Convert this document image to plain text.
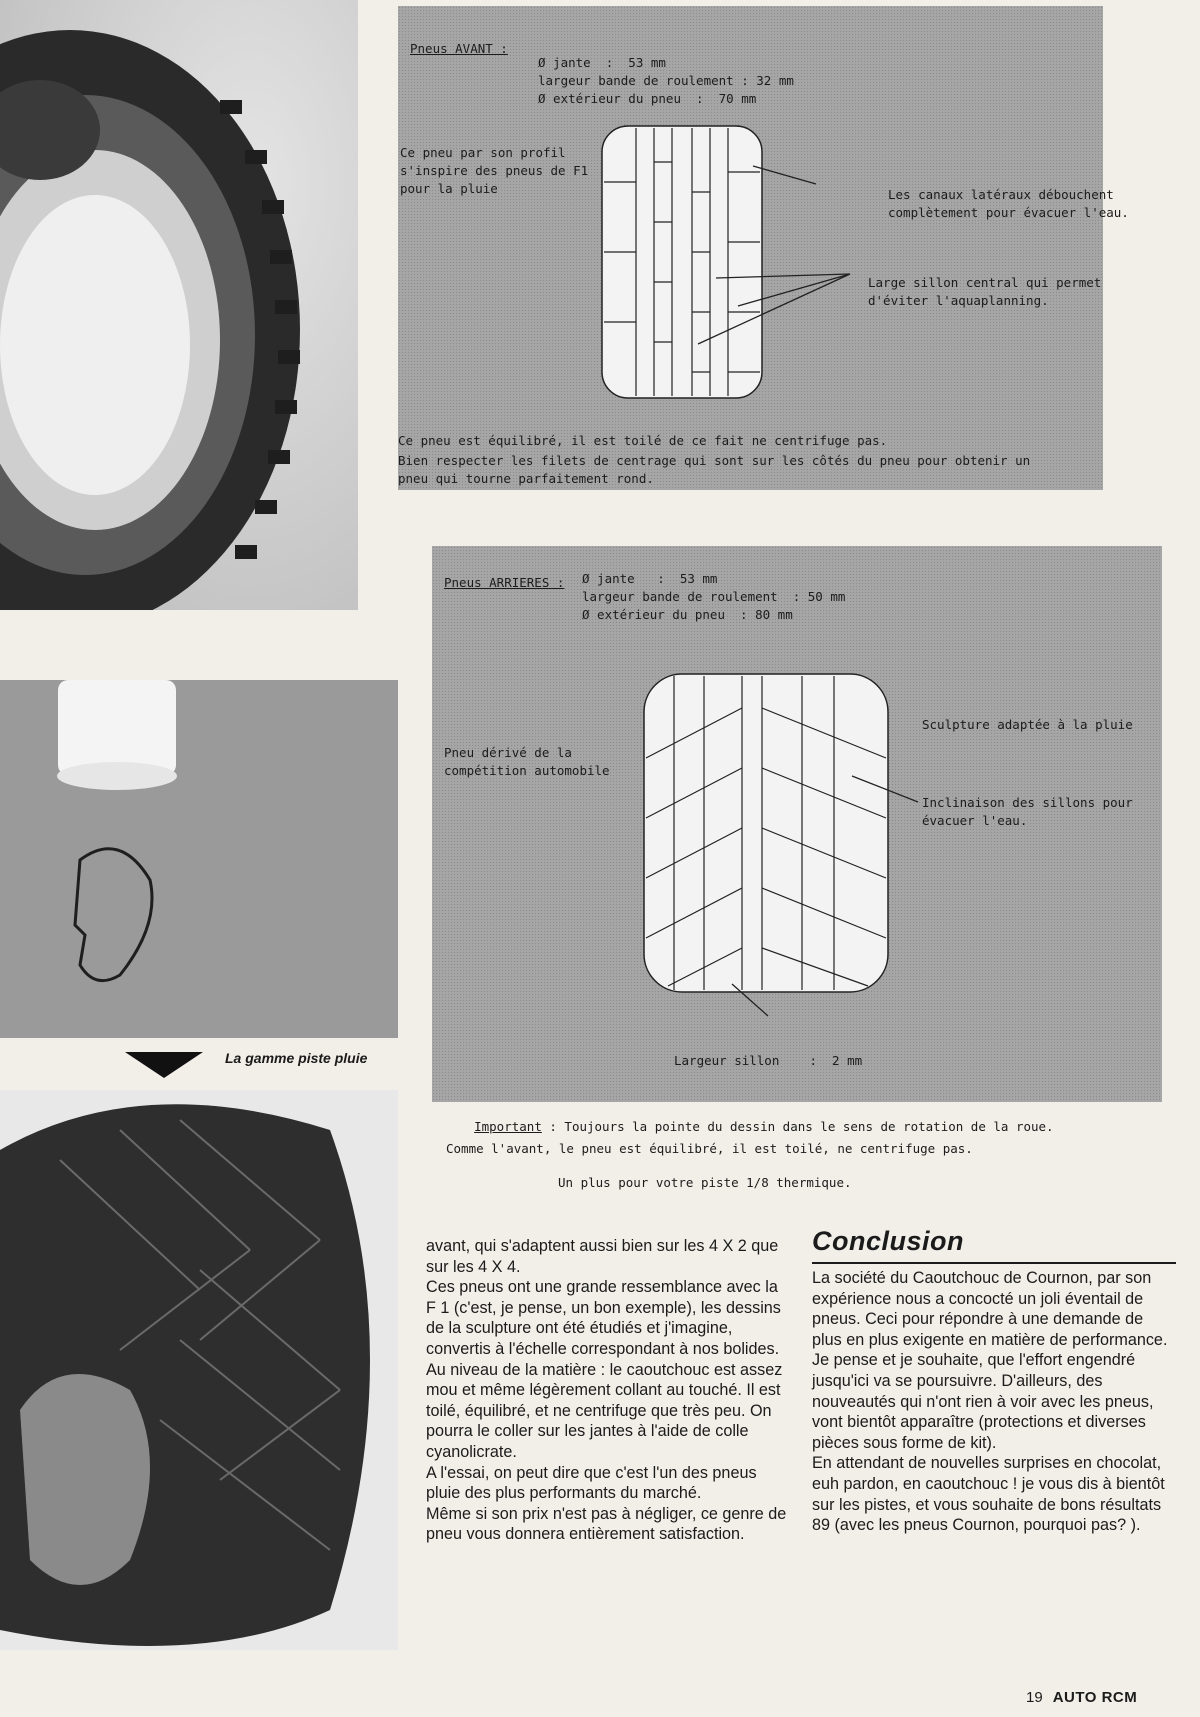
La gamme piste pluie
Pneus AVANT :
Ø jante  :  53 mm
largeur bande de roulement : 32 mm
Ø extérieur du pneu  :  70 mm
Ce pneu par son profil
s'inspire des pneus de F1
pour la pluie	Les canaux latéraux débouchent
complètement pour évacuer l'eau.
Large sillon central qui permet
d'éviter l'aquaplanning.
Ce pneu est équilibré, il est toilé de ce fait ne centrifuge pas.
Bien respecter les filets de centrage qui sont sur les côtés du pneu pour obtenir un
pneu qui tourne parfaitement rond.
Pneus ARRIERES : Ø jante   :  53 mm
largeur bande de roulement  : 50 mm
Ø extérieur du pneu  : 80 mm
Pneu dérivé de la
compétition automobile
Sculpture adaptée à la pluie
Inclinaison des sillons pour
évacuer l'eau.
Largeur sillon    :  2 mm

Important : Toujours la pointe du dessin dans le sens de rotation de la roue.

Comme l'avant, le pneu est équilibré, il est toilé, ne centrifuge pas.
Un plus pour votre piste 1/8 thermique.

avant, qui s'adaptent aussi bien sur les 4 X 2 que sur les 4 X 4.

Ces pneus ont une grande ressemblance avec la F 1 (c'est, je pense, un bon exemple), les dessins de la sculpture ont été étudiés et j'imagine, convertis à l'échelle correspondant à nos bolides.

Au niveau de la matière : le caoutchouc est assez mou et même légèrement collant au touché. Il est toilé, équilibré, et ne centrifuge que très peu. On pourra le coller sur les jantes à l'aide de colle cyanolicrate.

A l'essai, on peut dire que c'est l'un des pneus pluie des plus performants du marché.

Même si son prix n'est pas à négliger, ce genre de pneu vous donnera entièrement satisfaction.

Conclusion

La société du Caoutchouc de Cournon, par son expérience nous a concocté un joli éventail de pneus. Ceci pour répondre à une demande de plus en plus exigente en matière de performance. Je pense et je souhaite, que l'effort engendré jusqu'ici va se poursuivre. D'ailleurs, des nouveautés qui n'ont rien à voir avec les pneus, vont bientôt apparaître (protections et diverses pièces sous forme de kit).

En attendant de nouvelles surprises en chocolat, euh pardon, en caoutchouc ! je vous dis à bientôt sur les pistes, et vous souhaite de bons résultats 89 (avec les pneus Cournon, pourquoi pas? ).

19 AUTO RCM
